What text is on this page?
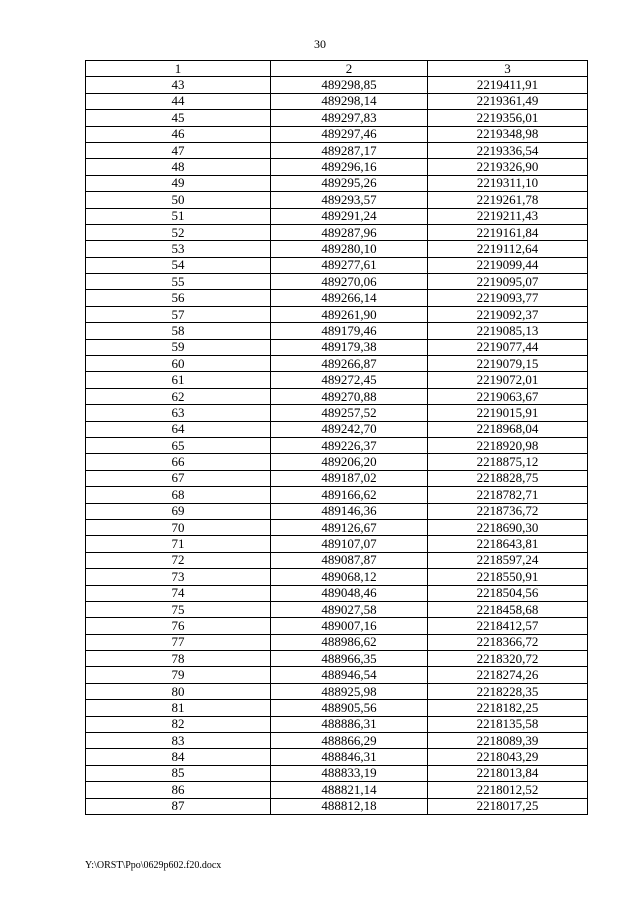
30
1	2	3
43	489298,85	2219411,91
44	489298,14	2219361,49
45	489297,83	2219356,01
46	489297,46	2219348,98
47	489287,17	2219336,54
48	489296,16	2219326,90
49	489295,26	2219311,10
50	489293,57	2219261,78
51	489291,24	2219211,43
52	489287,96	2219161,84
53	489280,10	2219112,64
54	489277,61	2219099,44
55	489270,06	2219095,07
56	489266,14	2219093,77
57	489261,90	2219092,37
58	489179,46	2219085,13
59	489179,38	2219077,44
60	489266,87	2219079,15
61	489272,45	2219072,01
62	489270,88	2219063,67
63	489257,52	2219015,91
64	489242,70	2218968,04
65	489226,37	2218920,98
66	489206,20	2218875,12
67	489187,02	2218828,75
68	489166,62	2218782,71
69	489146,36	2218736,72
70	489126,67	2218690,30
71	489107,07	2218643,81
72	489087,87	2218597,24
73	489068,12	2218550,91
74	489048,46	2218504,56
75	489027,58	2218458,68
76	489007,16	2218412,57
77	488986,62	2218366,72
78	488966,35	2218320,72
79	488946,54	2218274,26
80	488925,98	2218228,35
81	488905,56	2218182,25
82	488886,31	2218135,58
83	488866,29	2218089,39
84	488846,31	2218043,29
85	488833,19	2218013,84
86	488821,14	2218012,52
87	488812,18	2218017,25
Y:\ORST\Ppo\0629p602.f20.docx
